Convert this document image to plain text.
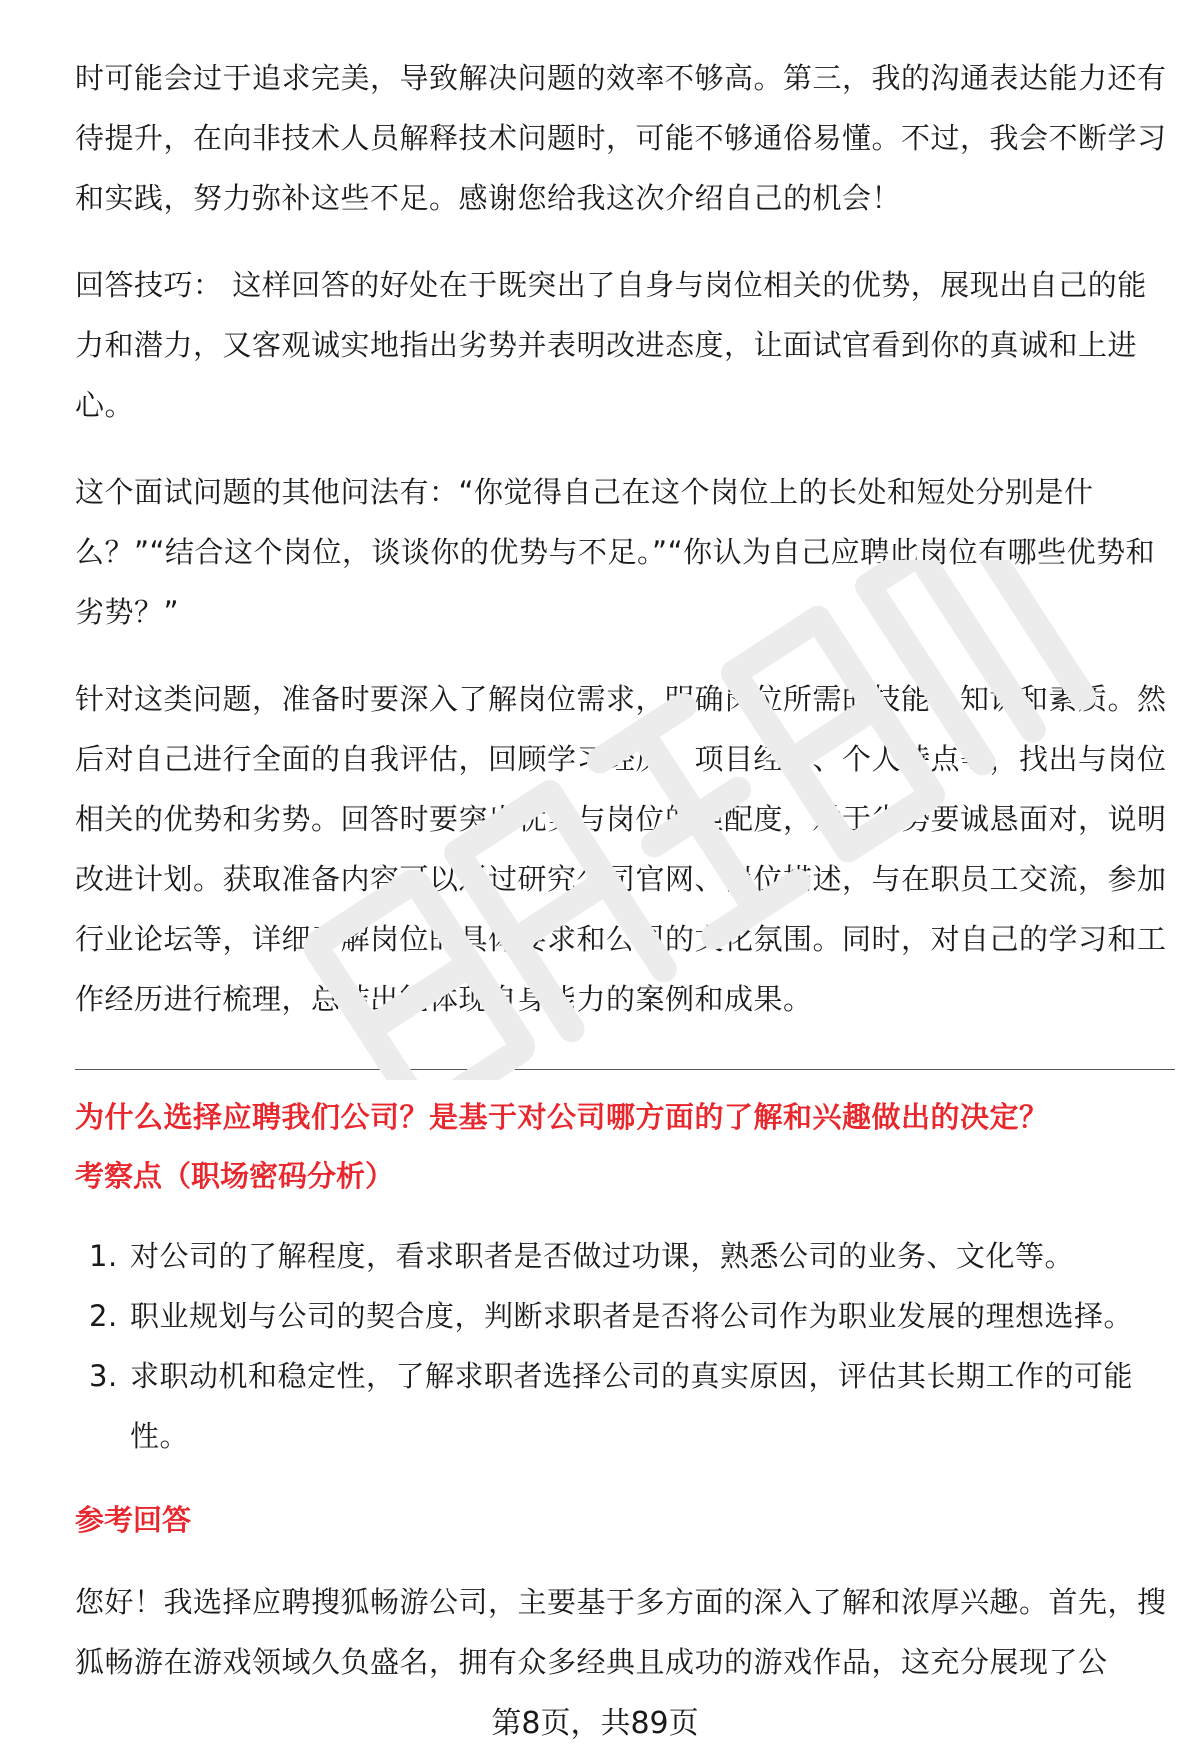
时可能会过于追求完美，导致解决问题的效率不够高。第三，我的沟通表达能力还有待提升，在向非技术人员解释技术问题时，可能不够通俗易懂。不过，我会不断学习和实践，努力弥补这些不足。感谢您给我这次介绍自己的机会！

回答技巧： 这样回答的好处在于既突出了自身与岗位相关的优势，展现出自己的能力和潜力，又客观诚实地指出劣势并表明改进态度，让面试官看到你的真诚和上进心。

这个面试问题的其他问法有：“你觉得自己在这个岗位上的长处和短处分别是什么？”“结合这个岗位，谈谈你的优势与不足。”“你认为自己应聘此岗位有哪些优势和劣势？”

针对这类问题，准备时要深入了解岗位需求，明确岗位所需的技能、知识和素质。然后对自己进行全面的自我评估，回顾学习经历、项目经验、个人特点等，找出与岗位相关的优势和劣势。回答时要突出优势与岗位的匹配度，对于劣势要诚恳面对，说明改进计划。获取准备内容可以通过研究公司官网、岗位描述，与在职员工交流，参加行业论坛等，详细了解岗位的具体要求和公司的文化氛围。同时，对自己的学习和工作经历进行梳理，总结出能体现自身能力的案例和成果。

为什么选择应聘我们公司？是基于对公司哪方面的了解和兴趣做出的决定？
考察点（职场密码分析）
1. 对公司的了解程度，看求职者是否做过功课，熟悉公司的业务、文化等。
2. 职业规划与公司的契合度，判断求职者是否将公司作为职业发展的理想选择。
3. 求职动机和稳定性，了解求职者选择公司的真实原因，评估其长期工作的可能性。
参考回答

您好！我选择应聘搜狐畅游公司，主要基于多方面的深入了解和浓厚兴趣。首先，搜狐畅游在游戏领域久负盛名，拥有众多经典且成功的游戏作品，这充分展现了公

第8页，共89页
